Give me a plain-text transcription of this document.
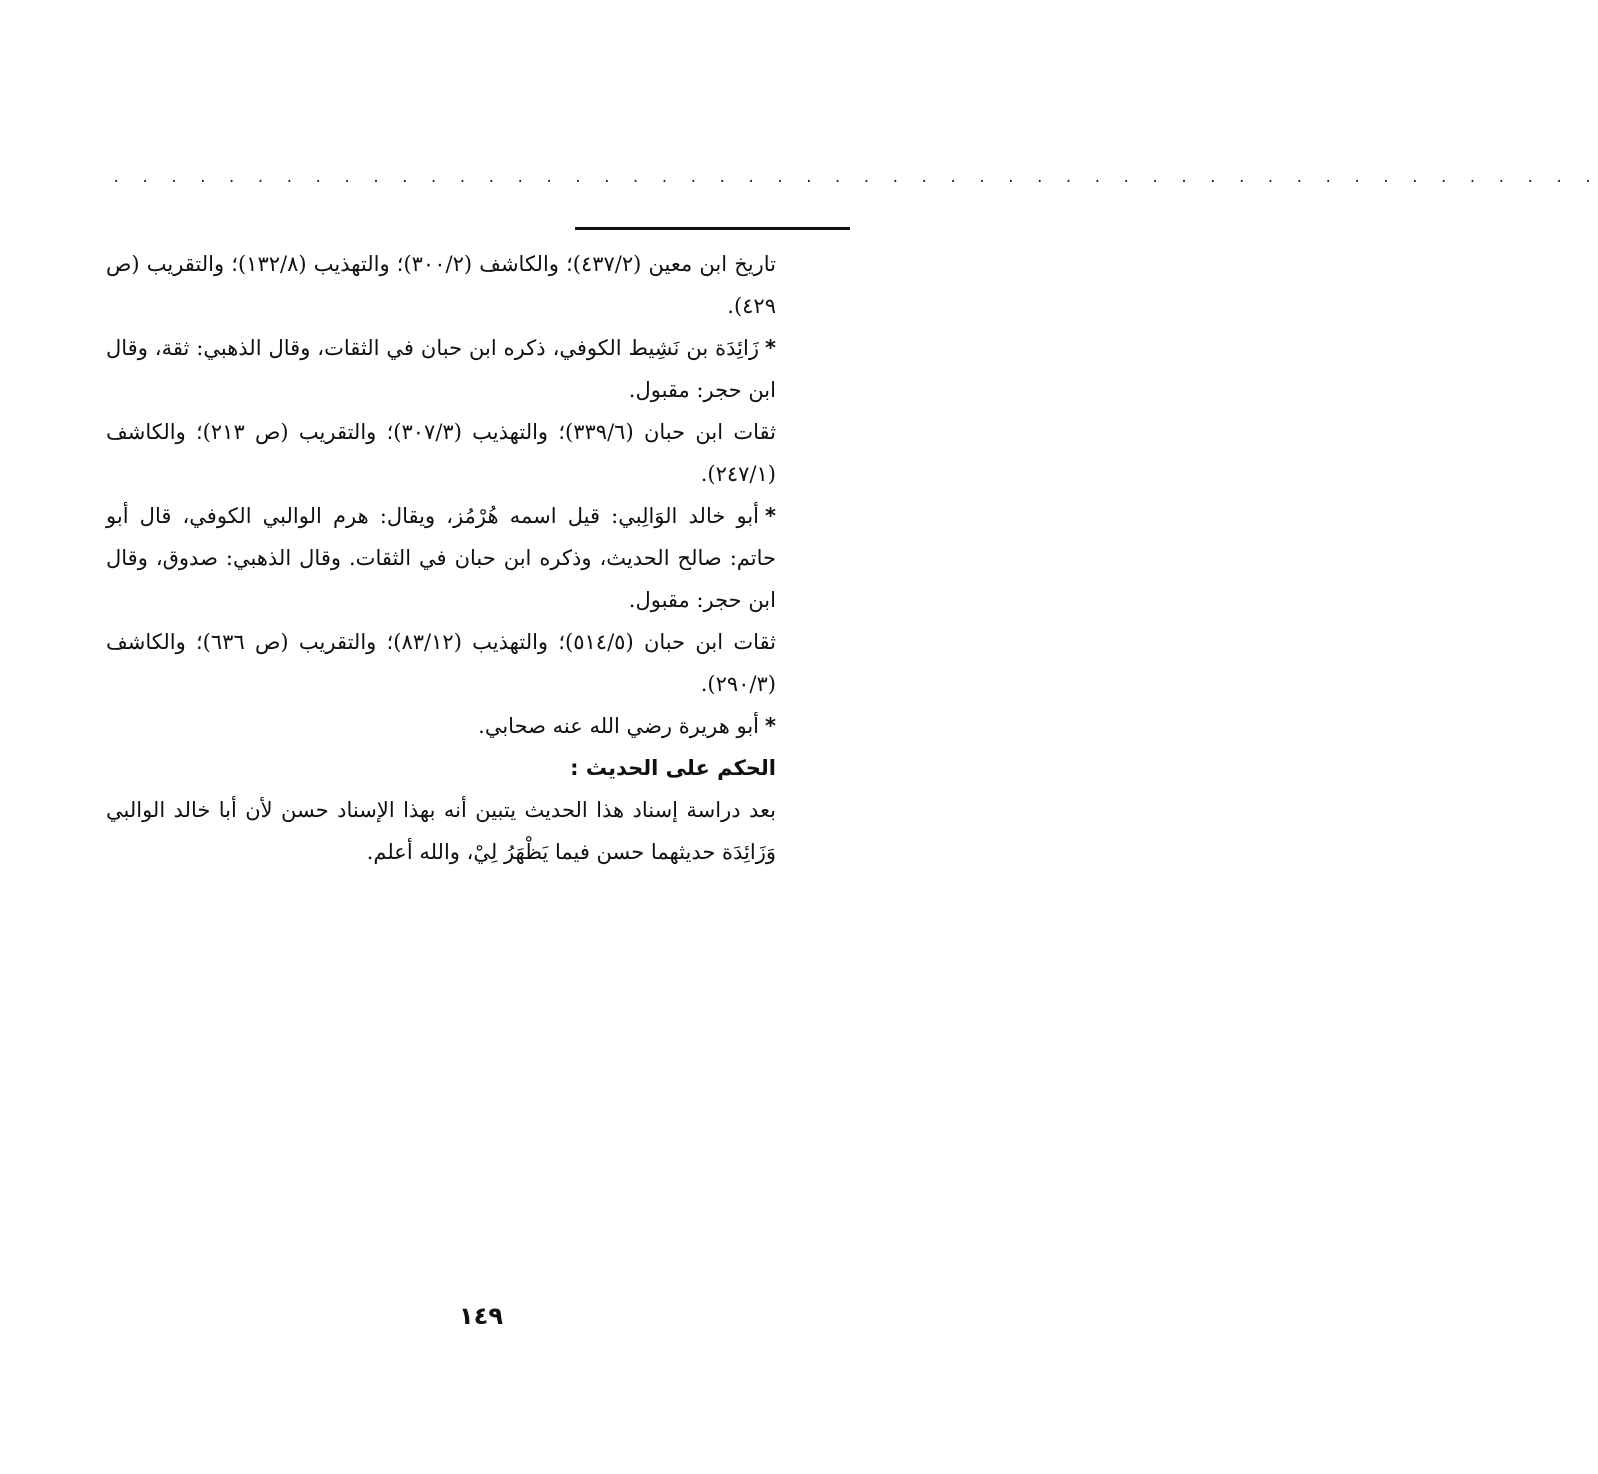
. . . . . . . . . . . . . . . . . . . . . . . . . . . . . . . . . . . . . . . . . . . . . . . . . . . .

تاريخ ابن معين (٤٣٧/٢)؛ والكاشف (٣٠٠/٢)؛ والتهذيب (١٣٢/٨)؛ والتقريب (ص ٤٢٩).

*زَائِدَة بن نَشِيط الكوفي، ذكره ابن حبان في الثقات، وقال الذهبي: ثقة، وقال ابن حجر: مقبول.

ثقات ابن حبان (٣٣٩/٦)؛ والتهذيب (٣٠٧/٣)؛ والتقريب (ص ٢١٣)؛ والكاشف (٢٤٧/١).

*أبو خالد الوَالِبي: قيل اسمه هُرْمُز، ويقال: هرم الوالبي الكوفي، قال أبو حاتم: صالح الحديث، وذكره ابن حبان في الثقات. وقال الذهبي: صدوق، وقال ابن حجر: مقبول.

ثقات ابن حبان (٥١٤/٥)؛ والتهذيب (٨٣/١٢)؛ والتقريب (ص ٦٣٦)؛ والكاشف (٢٩٠/٣).

*أبو هريرة رضي الله عنه صحابي.

الحكم على الحديث :

بعد دراسة إسناد هذا الحديث يتبين أنه بهذا الإسناد حسن لأن أبا خالد الوالبي وَزَائِدَة حديثهما حسن فيما يَظْهَرُ لِيْ، والله أعلم.

١٤٩
